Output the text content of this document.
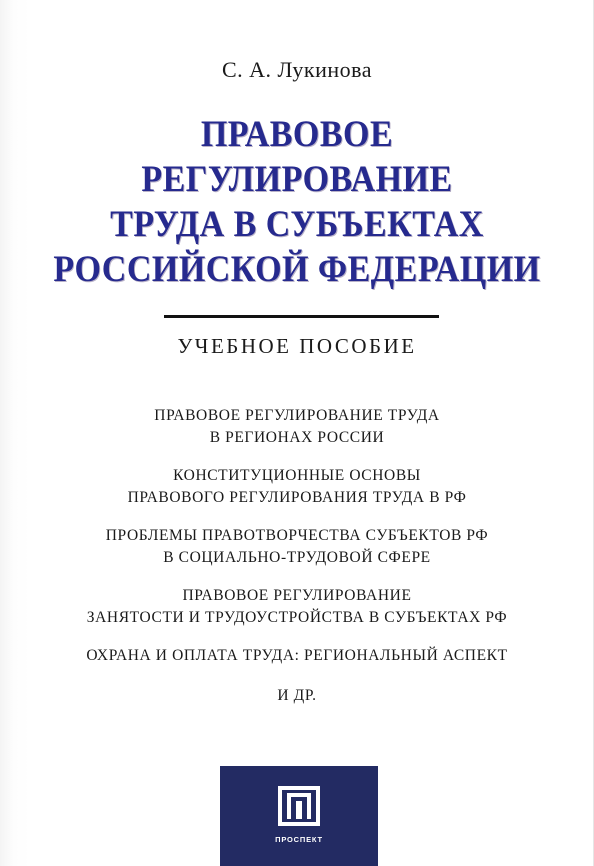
С. А. Лукинова
ПРАВОВОЕ
РЕГУЛИРОВАНИЕ
ТРУДА В СУБЪЕКТАХ
РОССИЙСКОЙ ФЕДЕРАЦИИ
УЧЕБНОЕ ПОСОБИЕ
ПРАВОВОЕ РЕГУЛИРОВАНИЕ ТРУДА
В РЕГИОНАХ РОССИИ
КОНСТИТУЦИОННЫЕ ОСНОВЫ
ПРАВОВОГО РЕГУЛИРОВАНИЯ ТРУДА В РФ
ПРОБЛЕМЫ ПРАВОТВОРЧЕСТВА СУБЪЕКТОВ РФ
В СОЦИАЛЬНО-ТРУДОВОЙ СФЕРЕ
ПРАВОВОЕ РЕГУЛИРОВАНИЕ
ЗАНЯТОСТИ И ТРУДОУСТРОЙСТВА В СУБЪЕКТАХ РФ
ОХРАНА И ОПЛАТА ТРУДА: РЕГИОНАЛЬНЫЙ АСПЕКТ
И ДР.
ПРОСПЕКТ
